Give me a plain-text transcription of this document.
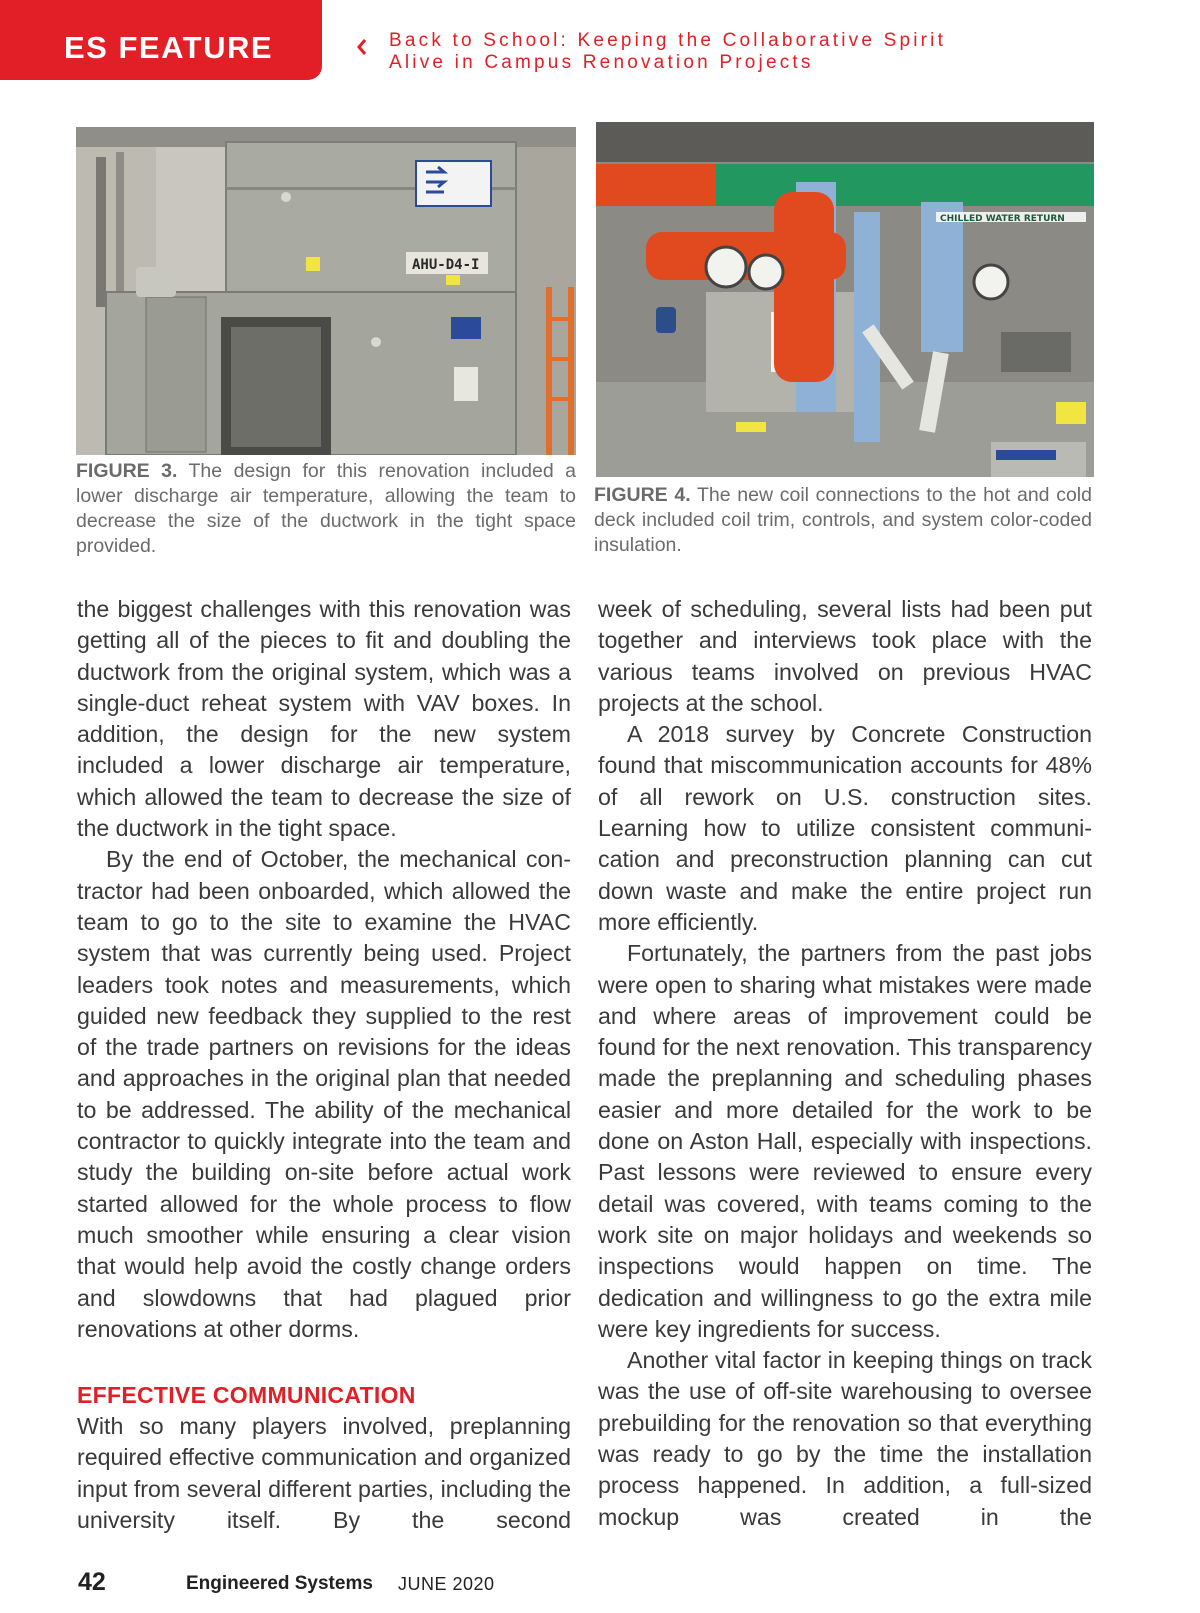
ES FEATURE	Back to School: Keeping the Collaborative Spirit
Alive in Campus Renovation Projects
AHU-D4-I

FIGURE 3. The design for this renovation included a lower discharge air temperature, allowing the team to decrease the size of the ductwork in the tight space provided.

CHILLED WATER RETURN

FIGURE 4. The new coil connections to the hot and cold deck included coil trim, controls, and system color-coded insulation.

the biggest challenges with this renovation was getting all of the pieces to fit and doubling the ductwork from the original system, which was a single-duct reheat system with VAV boxes. In addition, the design for the new system included a lower discharge air temperature, which allowed the team to decrease the size of the ductwork in the tight space.

By the end of October, the mechanical contractor had been onboarded, which allowed the team to go to the site to examine the HVAC system that was currently being used. Project leaders took notes and measurements, which guided new feedback they supplied to the rest of the trade partners on revisions for the ideas and approaches in the original plan that needed to be addressed. The ability of the mechanical contractor to quickly integrate into the team and study the building on-site before actual work started allowed for the whole process to flow much smoother while ensuring a clear vision that would help avoid the costly change orders and slowdowns that had plagued prior renovations at other dorms.

EFFECTIVE COMMUNICATION

With so many players involved, preplanning required effective communication and organized input from several different parties, including the university itself. By the second

week of scheduling, several lists had been put together and interviews took place with the various teams involved on previous HVAC projects at the school.

A 2018 survey by Concrete Construction found that miscommunication accounts for 48% of all rework on U.S. construction sites. Learning how to utilize consistent communication and preconstruction planning can cut down waste and make the entire project run more efficiently.

Fortunately, the partners from the past jobs were open to sharing what mistakes were made and where areas of improvement could be found for the next renovation. This transparency made the preplanning and scheduling phases easier and more detailed for the work to be done on Aston Hall, especially with inspections. Past lessons were reviewed to ensure every detail was covered, with teams coming to the work site on major holidays and weekends so inspections would happen on time. The dedication and willingness to go the extra mile were key ingredients for success.

Another vital factor in keeping things on track was the use of off-site warehousing to oversee prebuilding for the renovation so that everything was ready to go by the time the installation process happened. In addition, a full-sized mockup was created in the

42	Engineered Systems JUNE 2020
